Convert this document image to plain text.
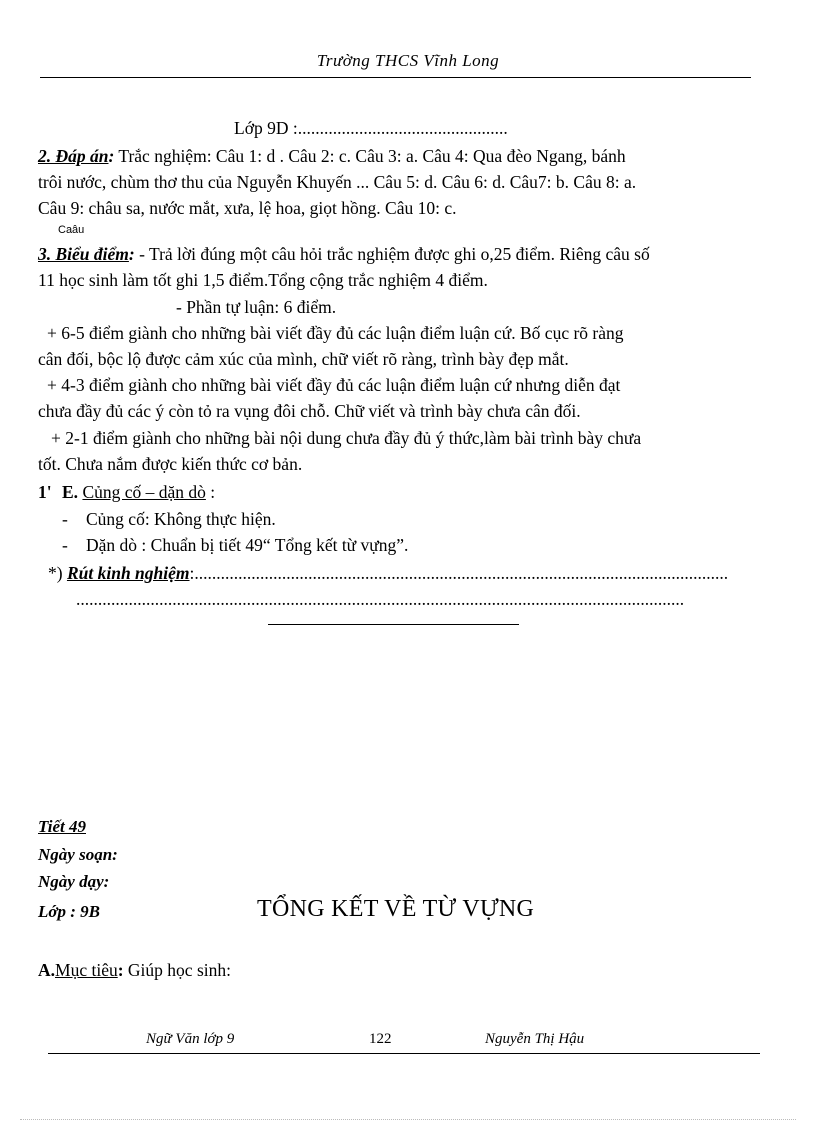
Trường THCS Vĩnh Long
Lớp 9D :................................................
2. Đáp án: Trắc nghiệm: Câu 1: d . Câu 2: c. Câu 3: a. Câu 4: Qua đèo Ngang, bánh
trôi nước, chùm thơ thu của Nguyễn Khuyến ... Câu 5: d. Câu 6: d. Câu7: b. Câu 8: a.
Câu 9: châu sa, nước mắt, xưa, lệ hoa, giọt hồng. Câu 10: c.
Caâu
3. Biểu điểm: - Trả lời đúng một câu hỏi trắc nghiệm được ghi o,25 điểm. Riêng câu số
11 học sinh làm tốt ghi 1,5 điểm.Tổng cộng trắc nghiệm 4 điểm.
- Phần tự luận: 6 điểm.
+ 6-5 điểm giành cho những bài viết đầy đủ các luận điểm luận cứ. Bố cục rõ ràng
cân đối, bộc lộ được cảm xúc của mình, chữ viết rõ ràng, trình bày đẹp mắt.
+ 4-3 điểm giành cho những bài viết đầy đủ các luận điểm luận cứ nhưng diễn đạt
chưa đầy đủ các ý còn tỏ ra vụng đôi chỗ. Chữ viết và trình bày chưa cân đối.
+ 2-1 điểm giành cho những bài nội dung chưa đầy đủ ý thức,làm bài trình bày chưa
tốt. Chưa nắm được kiến thức cơ bản.
1' E. Củng cố – dặn dò :
- Củng cố: Không thực hiện.
- Dặn dò : Chuẩn bị tiết 49“ Tổng kết từ vựng”.
*) Rút kinh nghiệm:..........................................................................................................................
...........................................................................................................................................
Tiết 49
Ngày soạn:
Ngày dạy:
Lớp : 9B	TỔNG KẾT VỀ TỪ VỰNG
A.Mục tiêu: Giúp học sinh:
Ngữ Văn lớp 9	122	Nguyễn Thị Hậu
